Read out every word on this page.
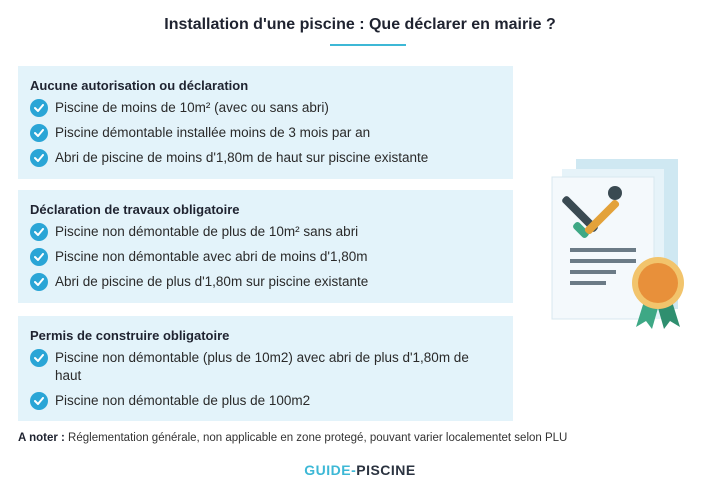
Installation d'une piscine : Que déclarer en mairie ?
Aucune autorisation ou déclaration
Piscine de moins de 10m² (avec ou sans abri)
Piscine démontable installée moins de 3 mois par an
Abri de piscine de moins d'1,80m de haut sur piscine existante
Déclaration de travaux obligatoire
Piscine non démontable de plus de 10m² sans abri
Piscine non démontable avec abri de moins d'1,80m
Abri de piscine de plus d'1,80m sur piscine existante
Permis de construire obligatoire
Piscine non démontable (plus de 10m2) avec abri de plus d'1,80m de haut
Piscine non démontable de plus de 100m2
A noter : Réglementation générale, non applicable en zone protegé, pouvant varier localementet selon PLU
GUIDE-PISCINE
